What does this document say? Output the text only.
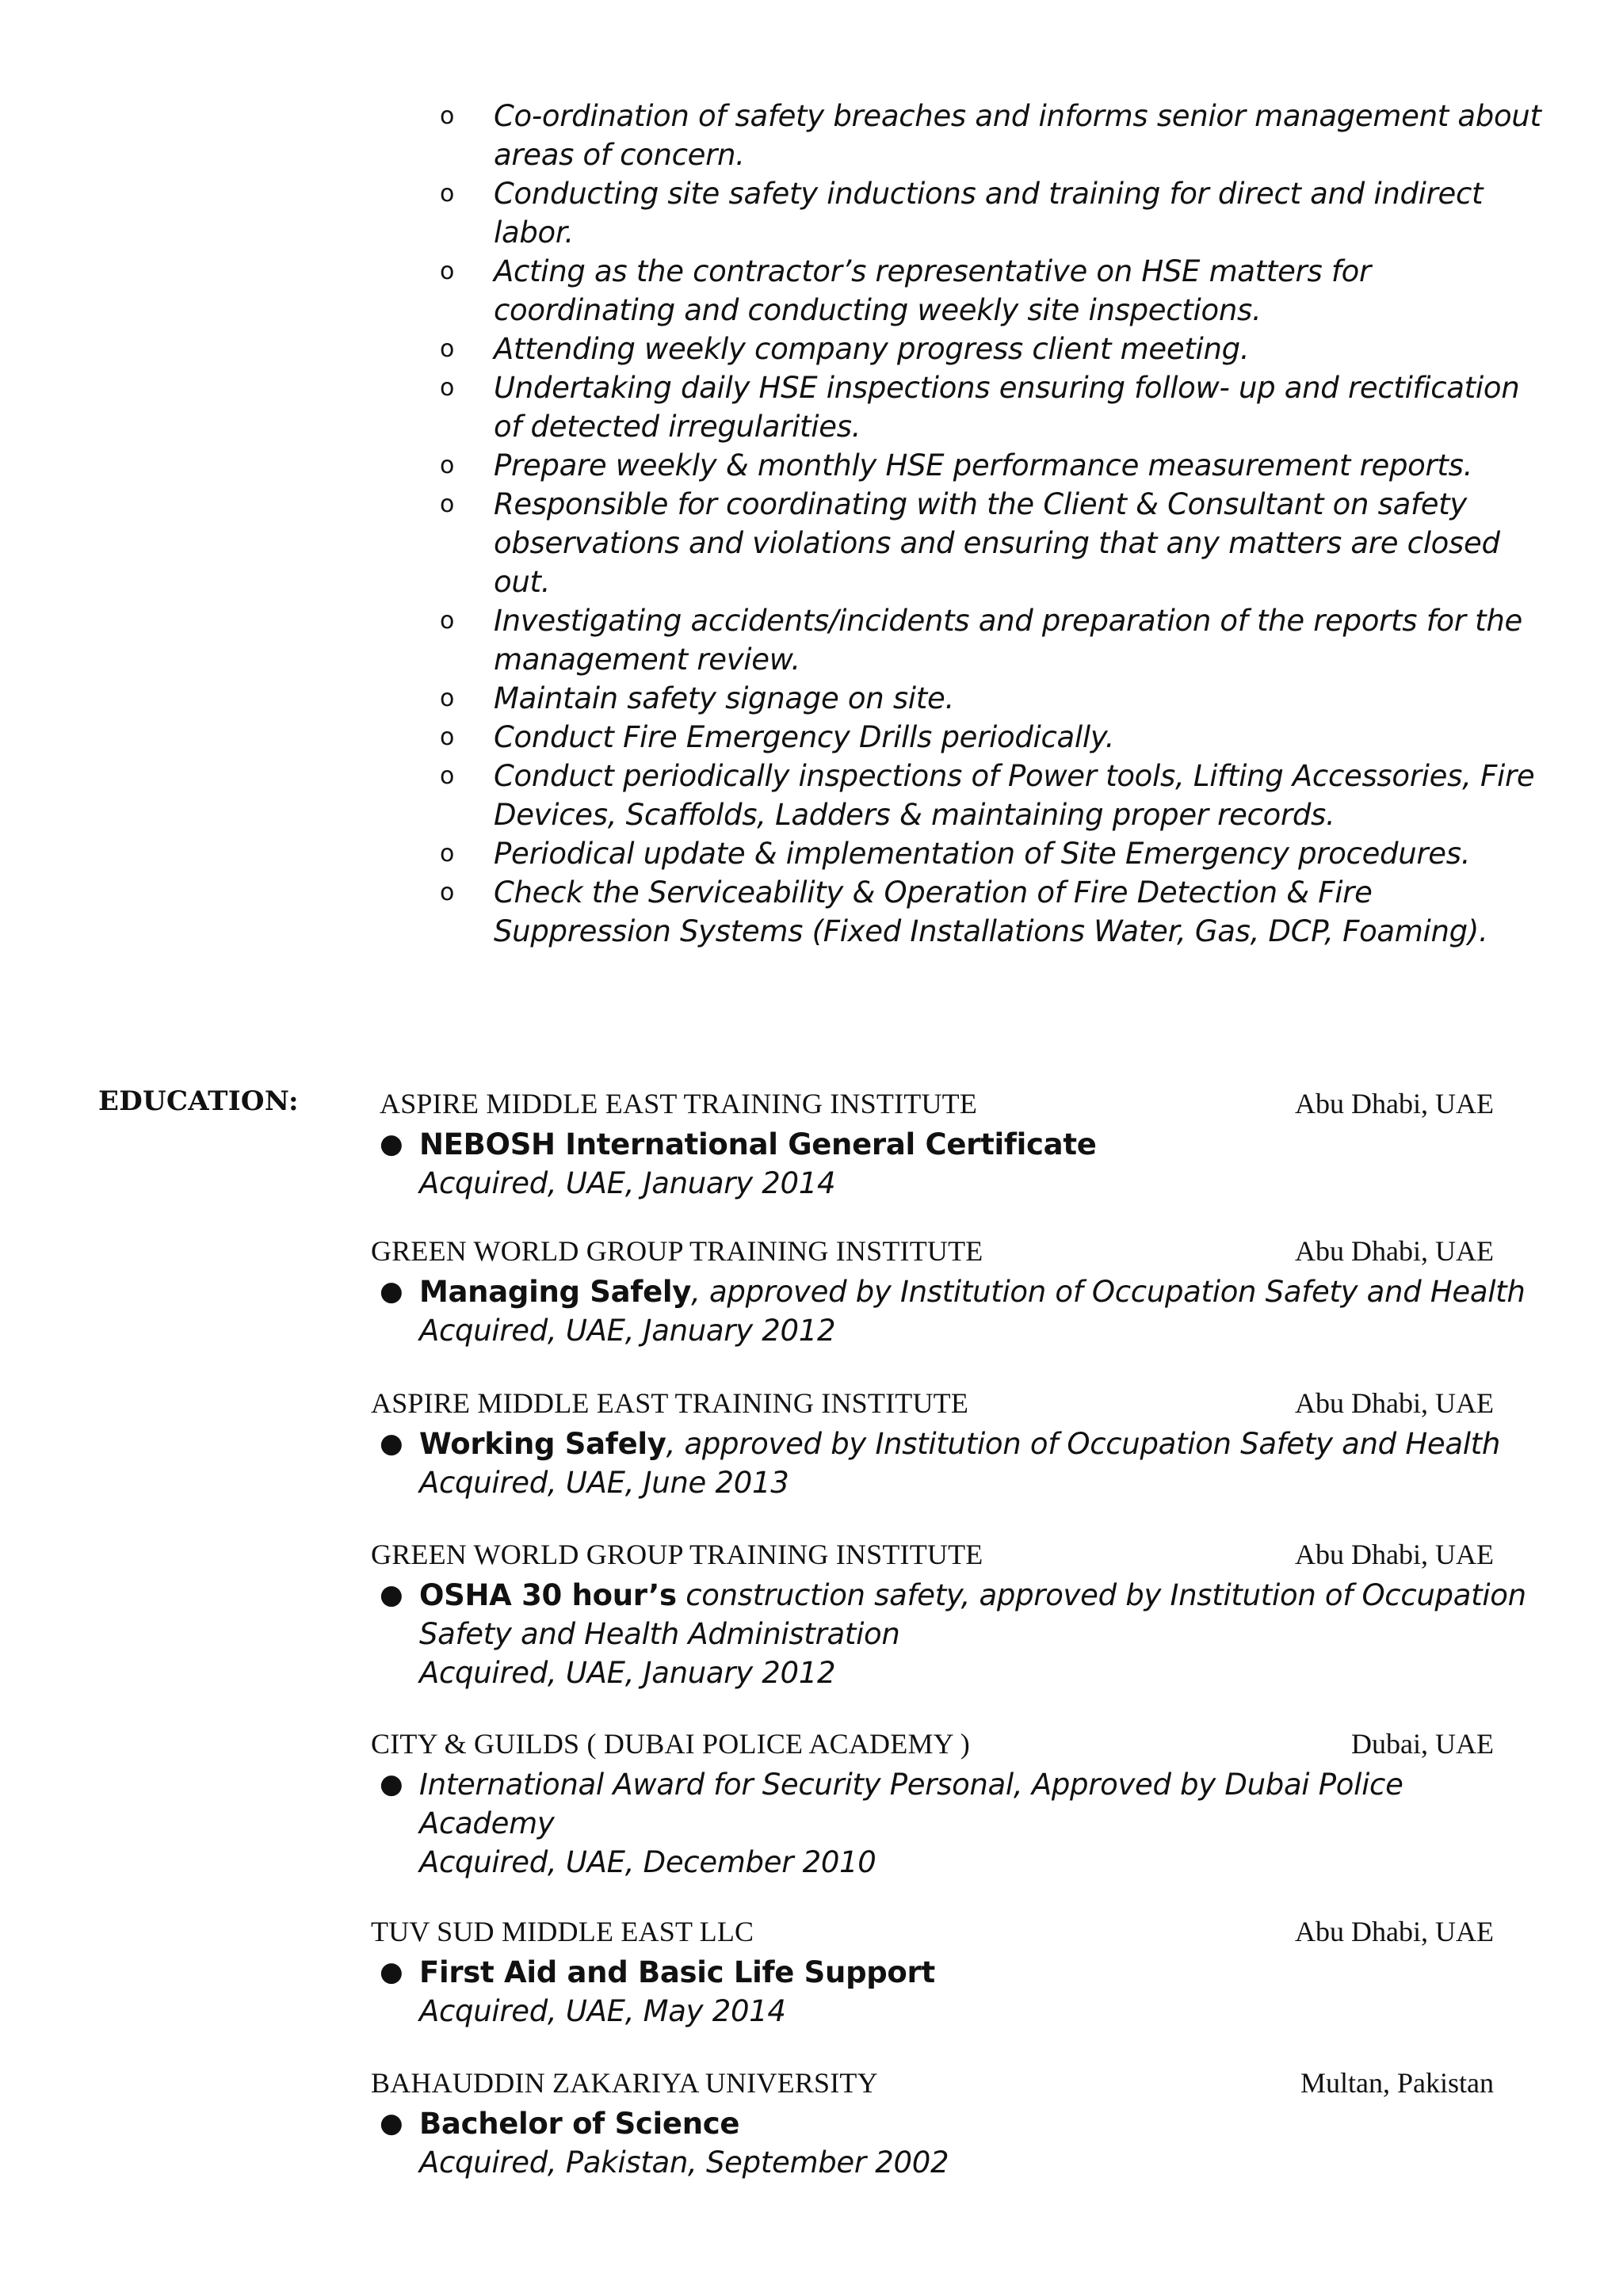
o Co-ordination of safety breaches and informs senior management about areas of concern.
o Conducting site safety inductions and training for direct and indirect labor.
o Acting as the contractor’s representative on HSE matters for coordinating and conducting weekly site inspections.
o Attending weekly company progress client meeting.
o Undertaking daily HSE inspections ensuring follow- up and rectification of detected irregularities.
o Prepare weekly & monthly HSE performance measurement reports.
o Responsible for coordinating with the Client & Consultant on safety observations and violations and ensuring that any matters are closed out.
o Investigating accidents/incidents and preparation of the reports for the management review.
o Maintain safety signage on site.
o Conduct Fire Emergency Drills periodically.
o Conduct periodically inspections of Power tools, Lifting Accessories, Fire Devices, Scaffolds, Ladders & maintaining proper records.
o Periodical update & implementation of Site Emergency procedures.
o Check the Serviceability & Operation of Fire Detection & Fire Suppression Systems (Fixed Installations Water, Gas, DCP, Foaming).
EDUCATION:	ASPIRE MIDDLE EAST TRAINING INSTITUTE	Abu Dhabi, UAE
● NEBOSH International General Certificate
Acquired, UAE, January 2014
GREEN WORLD GROUP TRAINING INSTITUTE	Abu Dhabi, UAE
● Managing Safely, approved by Institution of Occupation Safety and Health
Acquired, UAE, January 2012
ASPIRE MIDDLE EAST TRAINING INSTITUTE	Abu Dhabi, UAE
● Working Safely, approved by Institution of Occupation Safety and Health
Acquired, UAE, June 2013
GREEN WORLD GROUP TRAINING INSTITUTE	Abu Dhabi, UAE
● OSHA 30 hour’s construction safety, approved by Institution of Occupation Safety and Health Administration
Acquired, UAE, January 2012
CITY & GUILDS ( DUBAI POLICE ACADEMY )	Dubai, UAE
● International Award for Security Personal, Approved by Dubai Police Academy
Acquired, UAE, December 2010
TUV SUD MIDDLE EAST LLC	Abu Dhabi, UAE
● First Aid and Basic Life Support
Acquired, UAE, May 2014
BAHAUDDIN ZAKARIYA UNIVERSITY	Multan, Pakistan
● Bachelor of Science
Acquired, Pakistan, September 2002
